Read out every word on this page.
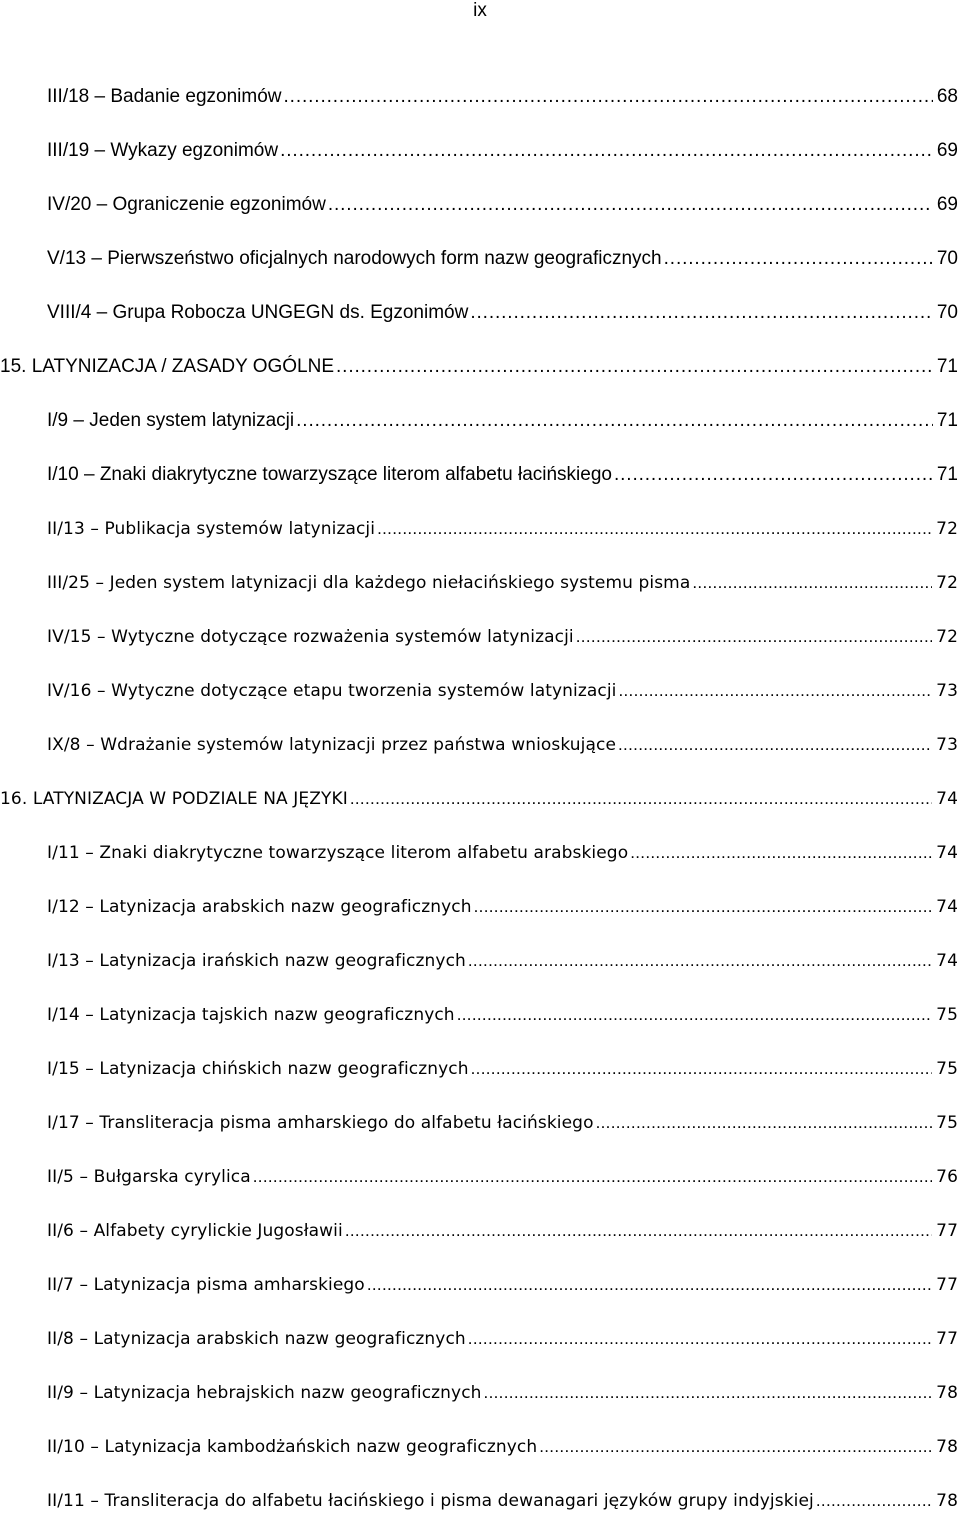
ix
III/18 – Badanie egzonimów . . .	68
III/19 – Wykazy egzonimów . . .	69
IV/20 – Ograniczenie egzonimów . . .	69
V/13 – Pierwszeństwo oficjalnych narodowych form nazw geograficznych . . .	70
VIII/4 – Grupa Robocza UNGEGN ds. Egzonimów . . .	70
15. LATYNIZACJA / ZASADY OGÓLNE . . .	71
I/9 – Jeden system latynizacji . . .	71
I/10 – Znaki diakrytyczne towarzyszące literom alfabetu łacińskiego . . .	71
II/13 – Publikacja systemów latynizacji . . .	72
III/25 – Jeden system latynizacji dla każdego niełacińskiego systemu pisma . . .	72
IV/15 – Wytyczne dotyczące rozważenia systemów latynizacji . . .	72
IV/16 – Wytyczne dotyczące etapu tworzenia systemów latynizacji . . .	73
IX/8 – Wdrażanie systemów latynizacji przez państwa wnioskujące . . .	73
16. LATYNIZACJA W PODZIALE NA JĘZYKI . . .	74
I/11 – Znaki diakrytyczne towarzyszące literom alfabetu arabskiego . . .	74
I/12 – Latynizacja arabskich nazw geograficznych . . .	74
I/13 – Latynizacja irańskich nazw geograficznych . . .	74
I/14 – Latynizacja tajskich nazw geograficznych . . .	75
I/15 – Latynizacja chińskich nazw geograficznych . . .	75
I/17 – Transliteracja pisma amharskiego do alfabetu łacińskiego . . .	75
II/5 – Bułgarska cyrylica . . .	76
II/6 – Alfabety cyrylickie Jugosławii . . .	77
II/7 – Latynizacja pisma amharskiego . . .	77
II/8 – Latynizacja arabskich nazw geograficznych . . .	77
II/9 – Latynizacja hebrajskich nazw geograficznych . . .	78
II/10 – Latynizacja kambodżańskich nazw geograficznych . . .	78
II/11 – Transliteracja do alfabetu łacińskiego i pisma dewanagari języków grupy indyjskiej . . .	78
